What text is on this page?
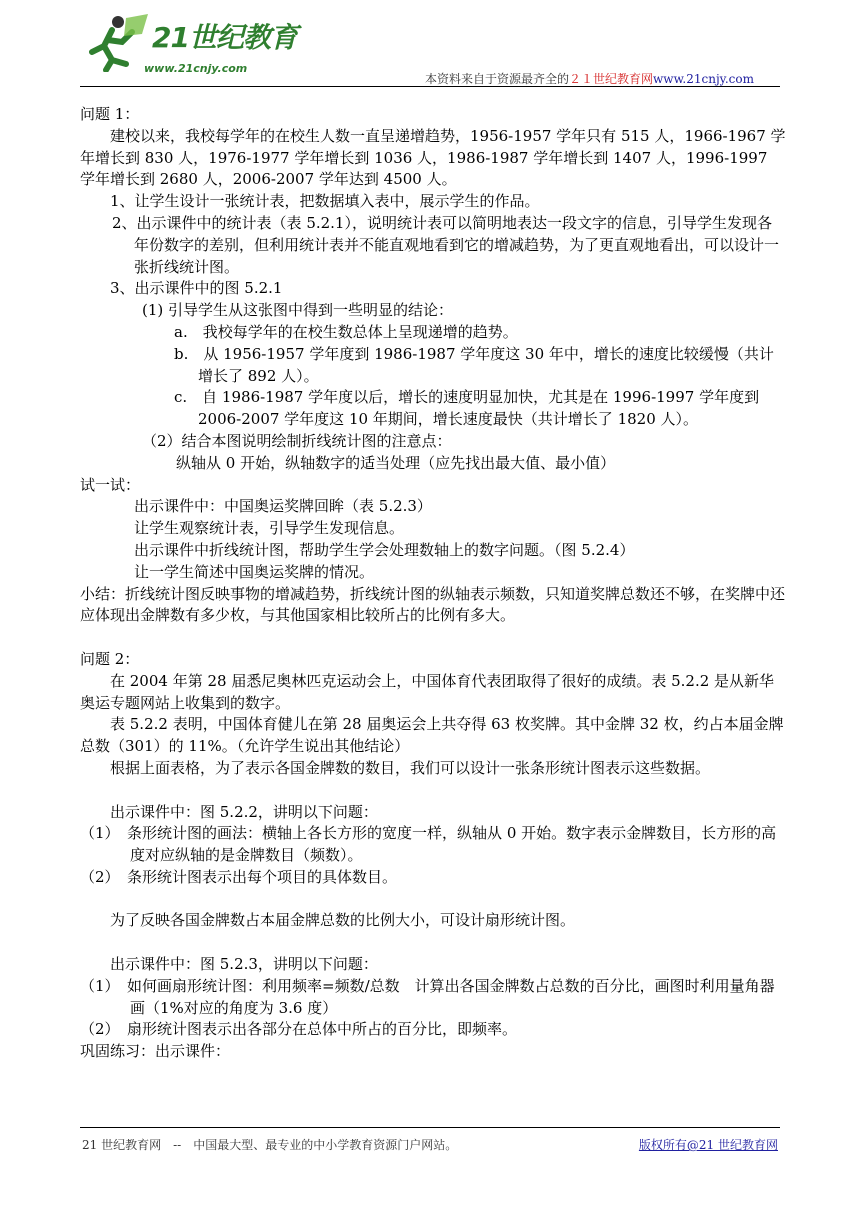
21世纪教育
www.21cnjy.com
本资料来自于资源最齐全的２１世纪教育网www.21cnjy.com

问题 1：

建校以来，我校每学年的在校生人数一直呈递增趋势，1956-1957 学年只有 515 人，1966-1967 学年增长到 830 人，1976-1977 学年增长到 1036 人，1986-1987 学年增长到 1407 人，1996-1997 学年增长到 2680 人，2006-2007 学年达到 4500 人。

1、让学生设计一张统计表，把数据填入表中，展示学生的作品。

2、出示课件中的统计表（表 5.2.1），说明统计表可以简明地表达一段文字的信息，引导学生发现各年份数字的差别，但利用统计表并不能直观地看到它的增减趋势，为了更直观地看出，可以设计一张折线统计图。

3、出示课件中的图 5.2.1

(1) 引导学生从这张图中得到一些明显的结论：

a.　我校每学年的在校生数总体上呈现递增的趋势。

b.　从 1956-1957 学年度到 1986-1987 学年度这 30 年中，增长的速度比较缓慢（共计增长了 892 人）。

c.　自 1986-1987 学年度以后，增长的速度明显加快，尤其是在 1996-1997 学年度到 2006-2007 学年度这 10 年期间，增长速度最快（共计增长了 1820 人）。

（2）结合本图说明绘制折线统计图的注意点：

纵轴从 0 开始，纵轴数字的适当处理（应先找出最大值、最小值）

试一试：

出示课件中：中国奥运奖牌回眸（表 5.2.3）

让学生观察统计表，引导学生发现信息。

出示课件中折线统计图，帮助学生学会处理数轴上的数字问题。（图 5.2.4）

让一学生简述中国奥运奖牌的情况。

小结：折线统计图反映事物的增减趋势，折线统计图的纵轴表示频数，只知道奖牌总数还不够，在奖牌中还应体现出金牌数有多少枚，与其他国家相比较所占的比例有多大。

问题 2：

在 2004 年第 28 届悉尼奥林匹克运动会上，中国体育代表团取得了很好的成绩。表 5.2.2 是从新华奥运专题网站上收集到的数字。

表 5.2.2 表明，中国体育健儿在第 28 届奥运会上共夺得 63 枚奖牌。其中金牌 32 枚，约占本届金牌总数（301）的 11%。（允许学生说出其他结论）

根据上面表格，为了表示各国金牌数的数目，我们可以设计一张条形统计图表示这些数据。

出示课件中：图 5.2.2，讲明以下问题：

（1）　条形统计图的画法：横轴上各长方形的宽度一样，纵轴从 0 开始。数字表示金牌数目，长方形的高度对应纵轴的是金牌数目（频数）。

（2）　条形统计图表示出每个项目的具体数目。

为了反映各国金牌数占本届金牌总数的比例大小，可设计扇形统计图。

出示课件中：图 5.2.3，讲明以下问题：

（1）　如何画扇形统计图：利用频率=频数/总数　计算出各国金牌数占总数的百分比，画图时利用量角器画（1%对应的角度为 3.6 度）

（2）　扇形统计图表示出各部分在总体中所占的百分比，即频率。

巩固练习：出示课件：

21 世纪教育网　--　中国最大型、最专业的中小学教育资源门户网站。	版权所有@21 世纪教育网
